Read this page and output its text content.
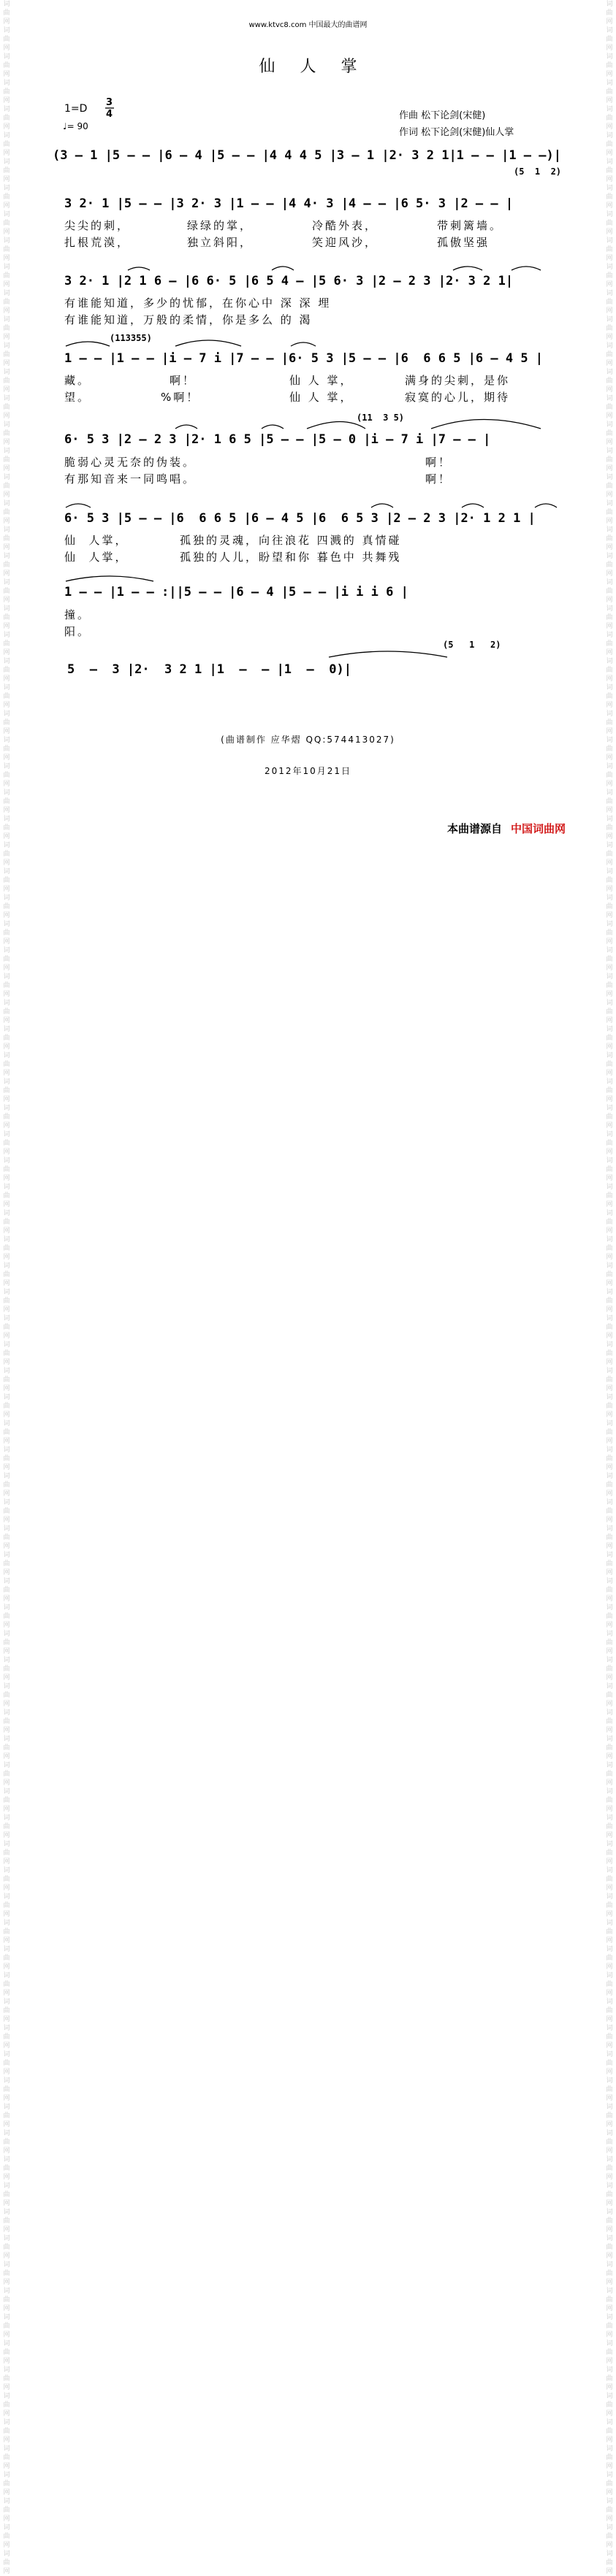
词曲网
词曲网
词曲网
词曲网
词曲网
词曲网
词曲网
词曲网
词曲网
词曲网
词曲网
词曲网
词曲网
词曲网
词曲网
词曲网
词曲网
词曲网
词曲网
词曲网
词曲网
词曲网
词曲网
词曲网
词曲网
词曲网
词曲网
词曲网
词曲网
词曲网
词曲网
词曲网
词曲网
词曲网
词曲网
词曲网
词曲网
词曲网
词曲网
词曲网
词曲网
词曲网
词曲网
词曲网
词曲网
词曲网
词曲网
词曲网
词曲网
词曲网
词曲网
词曲网
词曲网
词曲网
词曲网
词曲网
词曲网
词曲网
词曲网
词曲网
词曲网
词曲网
词曲网
词曲网
词曲网
词曲网
词曲网
词曲网
词曲网
词曲网
词曲网
词曲网
词曲网
词曲网
词曲网
词曲网
词曲网
词曲网
词曲网
词曲网
词曲网
词曲网
词曲网
词曲网
词曲网
词曲网
词曲网
词曲网
词曲网
词曲网
词曲网
词曲网
词曲网
词曲网
词曲网
词曲网
词曲网
词曲网
词曲网
词曲网
词曲网
词曲网
词曲网
词曲网
词曲网
词曲网
词曲网
词曲网
词曲网
词曲网
词曲网
词曲网
词曲网
词曲网
词曲网
词曲网
词曲网
词曲网
词曲网
词曲网
词曲网
词曲网
词曲网
词曲网
词曲网
词曲网
词曲网
词曲网
词曲网
词曲网
词曲网
词曲网
词曲网
词曲网
词曲网
词曲网
词曲网
词曲网
词曲网
词曲网
词曲网
词曲网
词曲网
词曲网
词曲网
词曲网
词曲网
词曲网
词曲网
词曲网
词曲网
词曲网
词曲网
词曲网
词曲网
词曲网
词曲网
词曲网
词曲网
词曲网
词曲网
词曲网
词曲网
词曲网
词曲网
词曲网
词曲网
词曲网
词曲网
词曲网
词曲网
词曲网
词曲网
词曲网
词曲网
词曲网
词曲网
词曲网
词曲网
词曲网
词曲网
词曲网
词曲网
词曲网
词曲网
词曲网
词曲网
词曲网
词曲网
词曲网
词曲网
词曲网
词曲网
词曲网
词曲网
词曲网
www.ktvc8.com 中国最大的曲谱网
仙人掌
1=D
3
4
♩= 90
作曲 松下论剑(宋健)
作词 松下论剑(宋健)仙人掌
(3 – 1 |5 – – |6 – 4 |5 – – |4 4 4 5 |3 – 1 |2· 3 2 1|1 – – |1 – –)|
(5  1  2)
3 2· 1 |5 – – |3 2· 3 |1 – – |4 4· 3 |4 – – |6 5· 3 |2 – – |
尖尖的刺，	绿绿的掌，	冷酷外表，	带刺篱墙。
扎根荒漠，	独立斜阳，	笑迎风沙，	孤傲坚强
3 2· 1 |2 1 6 – |6 6· 5 |6 5 4 – |5 6· 3 |2 – 2 3 |2· 3 2 1|
有谁能知道，多少的忧郁，在你心中 深 深 埋
有谁能知道，万般的柔情，你是多么 的 渴
(113355)
1 – – |1 – – |i – 7 i |7 – – |6· 5 3 |5 – – |6  6 6 5 |6 – 4 5 |
藏。	啊！	仙 人 掌，	满身的尖刺，是你
望。	%啊！	仙 人 掌，	寂寞的心儿，期待
(11  3 5)
6· 5 3 |2 – 2 3 |2· 1 6 5 |5 – – |5 – 0 |i – 7 i |7 – – |
脆弱心灵无奈的伪装。	啊！
有那知音来一同鸣唱。	啊！
6· 5 3 |5 – – |6  6 6 5 |6 – 4 5 |6  6 5 3 |2 – 2 3 |2· 1 2 1 |
仙  人掌，	孤独的灵魂，向往浪花 四溅的 真情碰
仙  人掌，	孤独的人儿，盼望和你 暮色中 共舞残
1 – – |1 – – :||5 – – |6 – 4 |5 – – |i i i 6 |
撞。
阳。
(5   1   2)
5  –  3 |2·  3 2 1 |1  –  – |1  –  0)|
(曲谱制作 应华熠 QQ:574413027)
2012年10月21日
本曲谱源自 中国词曲网
